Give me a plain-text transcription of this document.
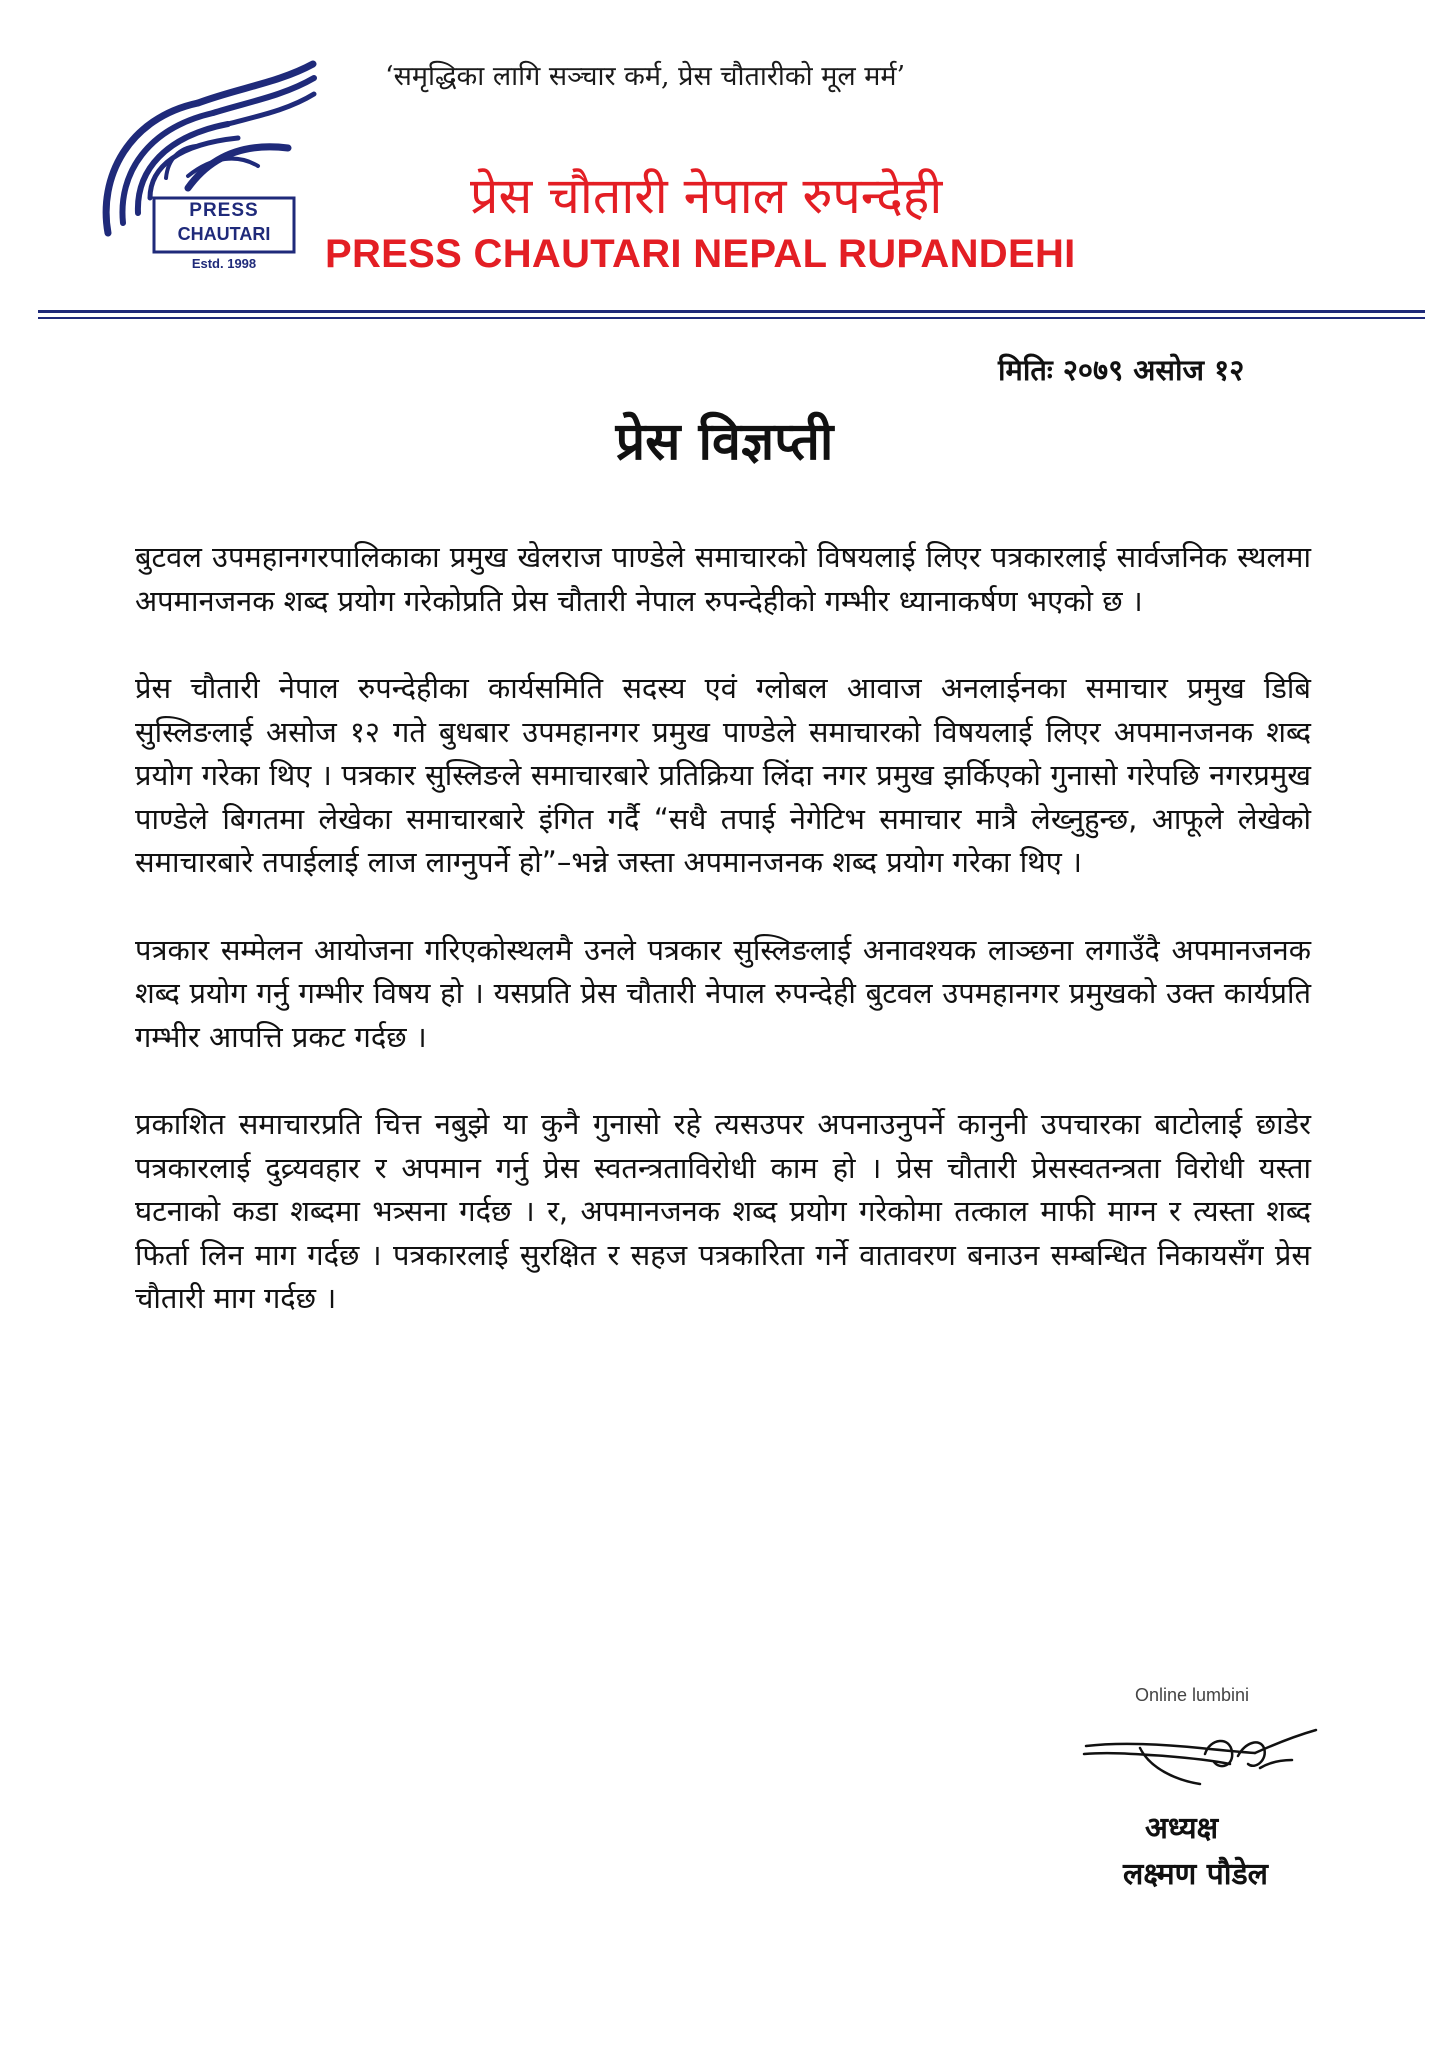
‘समृद्धिका लागि सञ्चार कर्म, प्रेस चौतारीको मूल मर्म’
PRESS
CHAUTARI
Estd. 1998
प्रेस चौतारी नेपाल रुपन्देही
PRESS CHAUTARI NEPAL RUPANDEHI
मितिः २०७९ असोज १२
प्रेस विज्ञप्ती

बुटवल उपमहानगरपालिकाका प्रमुख खेलराज पाण्डेले समाचारको विषयलाई लिएर पत्रकारलाई सार्वजनिक स्थलमा अपमानजनक शब्द प्रयोग गरेकोप्रति प्रेस चौतारी नेपाल रुपन्देहीको गम्भीर ध्यानाकर्षण भएको छ ।

प्रेस चौतारी नेपाल रुपन्देहीका कार्यसमिति सदस्य एवं ग्लोबल आवाज अनलाईनका समाचार प्रमुख डिबि सुस्लिङलाई असोज १२ गते बुधबार उपमहानगर प्रमुख पाण्डेले समाचारको विषयलाई लिएर अपमानजनक शब्द प्रयोग गरेका थिए । पत्रकार सुस्लिङले समाचारबारे प्रतिक्रिया लिंदा नगर प्रमुख झर्किएको गुनासो गरेपछि नगरप्रमुख पाण्डेले बिगतमा लेखेका समाचारबारे इंगित गर्दै “सधै तपाई नेगेटिभ समाचार मात्रै लेख्नुहुन्छ, आफूले लेखेको समाचारबारे तपाईलाई लाज लाग्नुपर्ने हो”–भन्ने जस्ता अपमानजनक शब्द प्रयोग गरेका थिए ।

पत्रकार सम्मेलन आयोजना गरिएकोस्थलमै उनले पत्रकार सुस्लिङलाई अनावश्यक लाञ्छना लगाउँदै अपमानजनक शब्द प्रयोग गर्नु गम्भीर विषय हो । यसप्रति प्रेस चौतारी नेपाल रुपन्देही बुटवल उपमहानगर प्रमुखको उक्त कार्यप्रति गम्भीर आपत्ति प्रकट गर्दछ ।

प्रकाशित समाचारप्रति चित्त नबुझे या कुनै गुनासो रहे त्यसउपर अपनाउनुपर्ने कानुनी उपचारका बाटोलाई छाडेर पत्रकारलाई दुव्र्यवहार र अपमान गर्नु प्रेस स्वतन्त्रताविरोधी काम हो । प्रेस चौतारी प्रेसस्वतन्त्रता विरोधी यस्ता घटनाको कडा शब्दमा भत्र्सना गर्दछ । र, अपमानजनक शब्द प्रयोग गरेकोमा तत्काल माफी माग्न र त्यस्ता शब्द फिर्ता लिन माग गर्दछ । पत्रकारलाई सुरक्षित र सहज पत्रकारिता गर्ने वातावरण बनाउन सम्बन्धित निकायसँग प्रेस चौतारी माग गर्दछ ।

Online lumbini
अध्यक्ष
लक्ष्मण पौडेल
